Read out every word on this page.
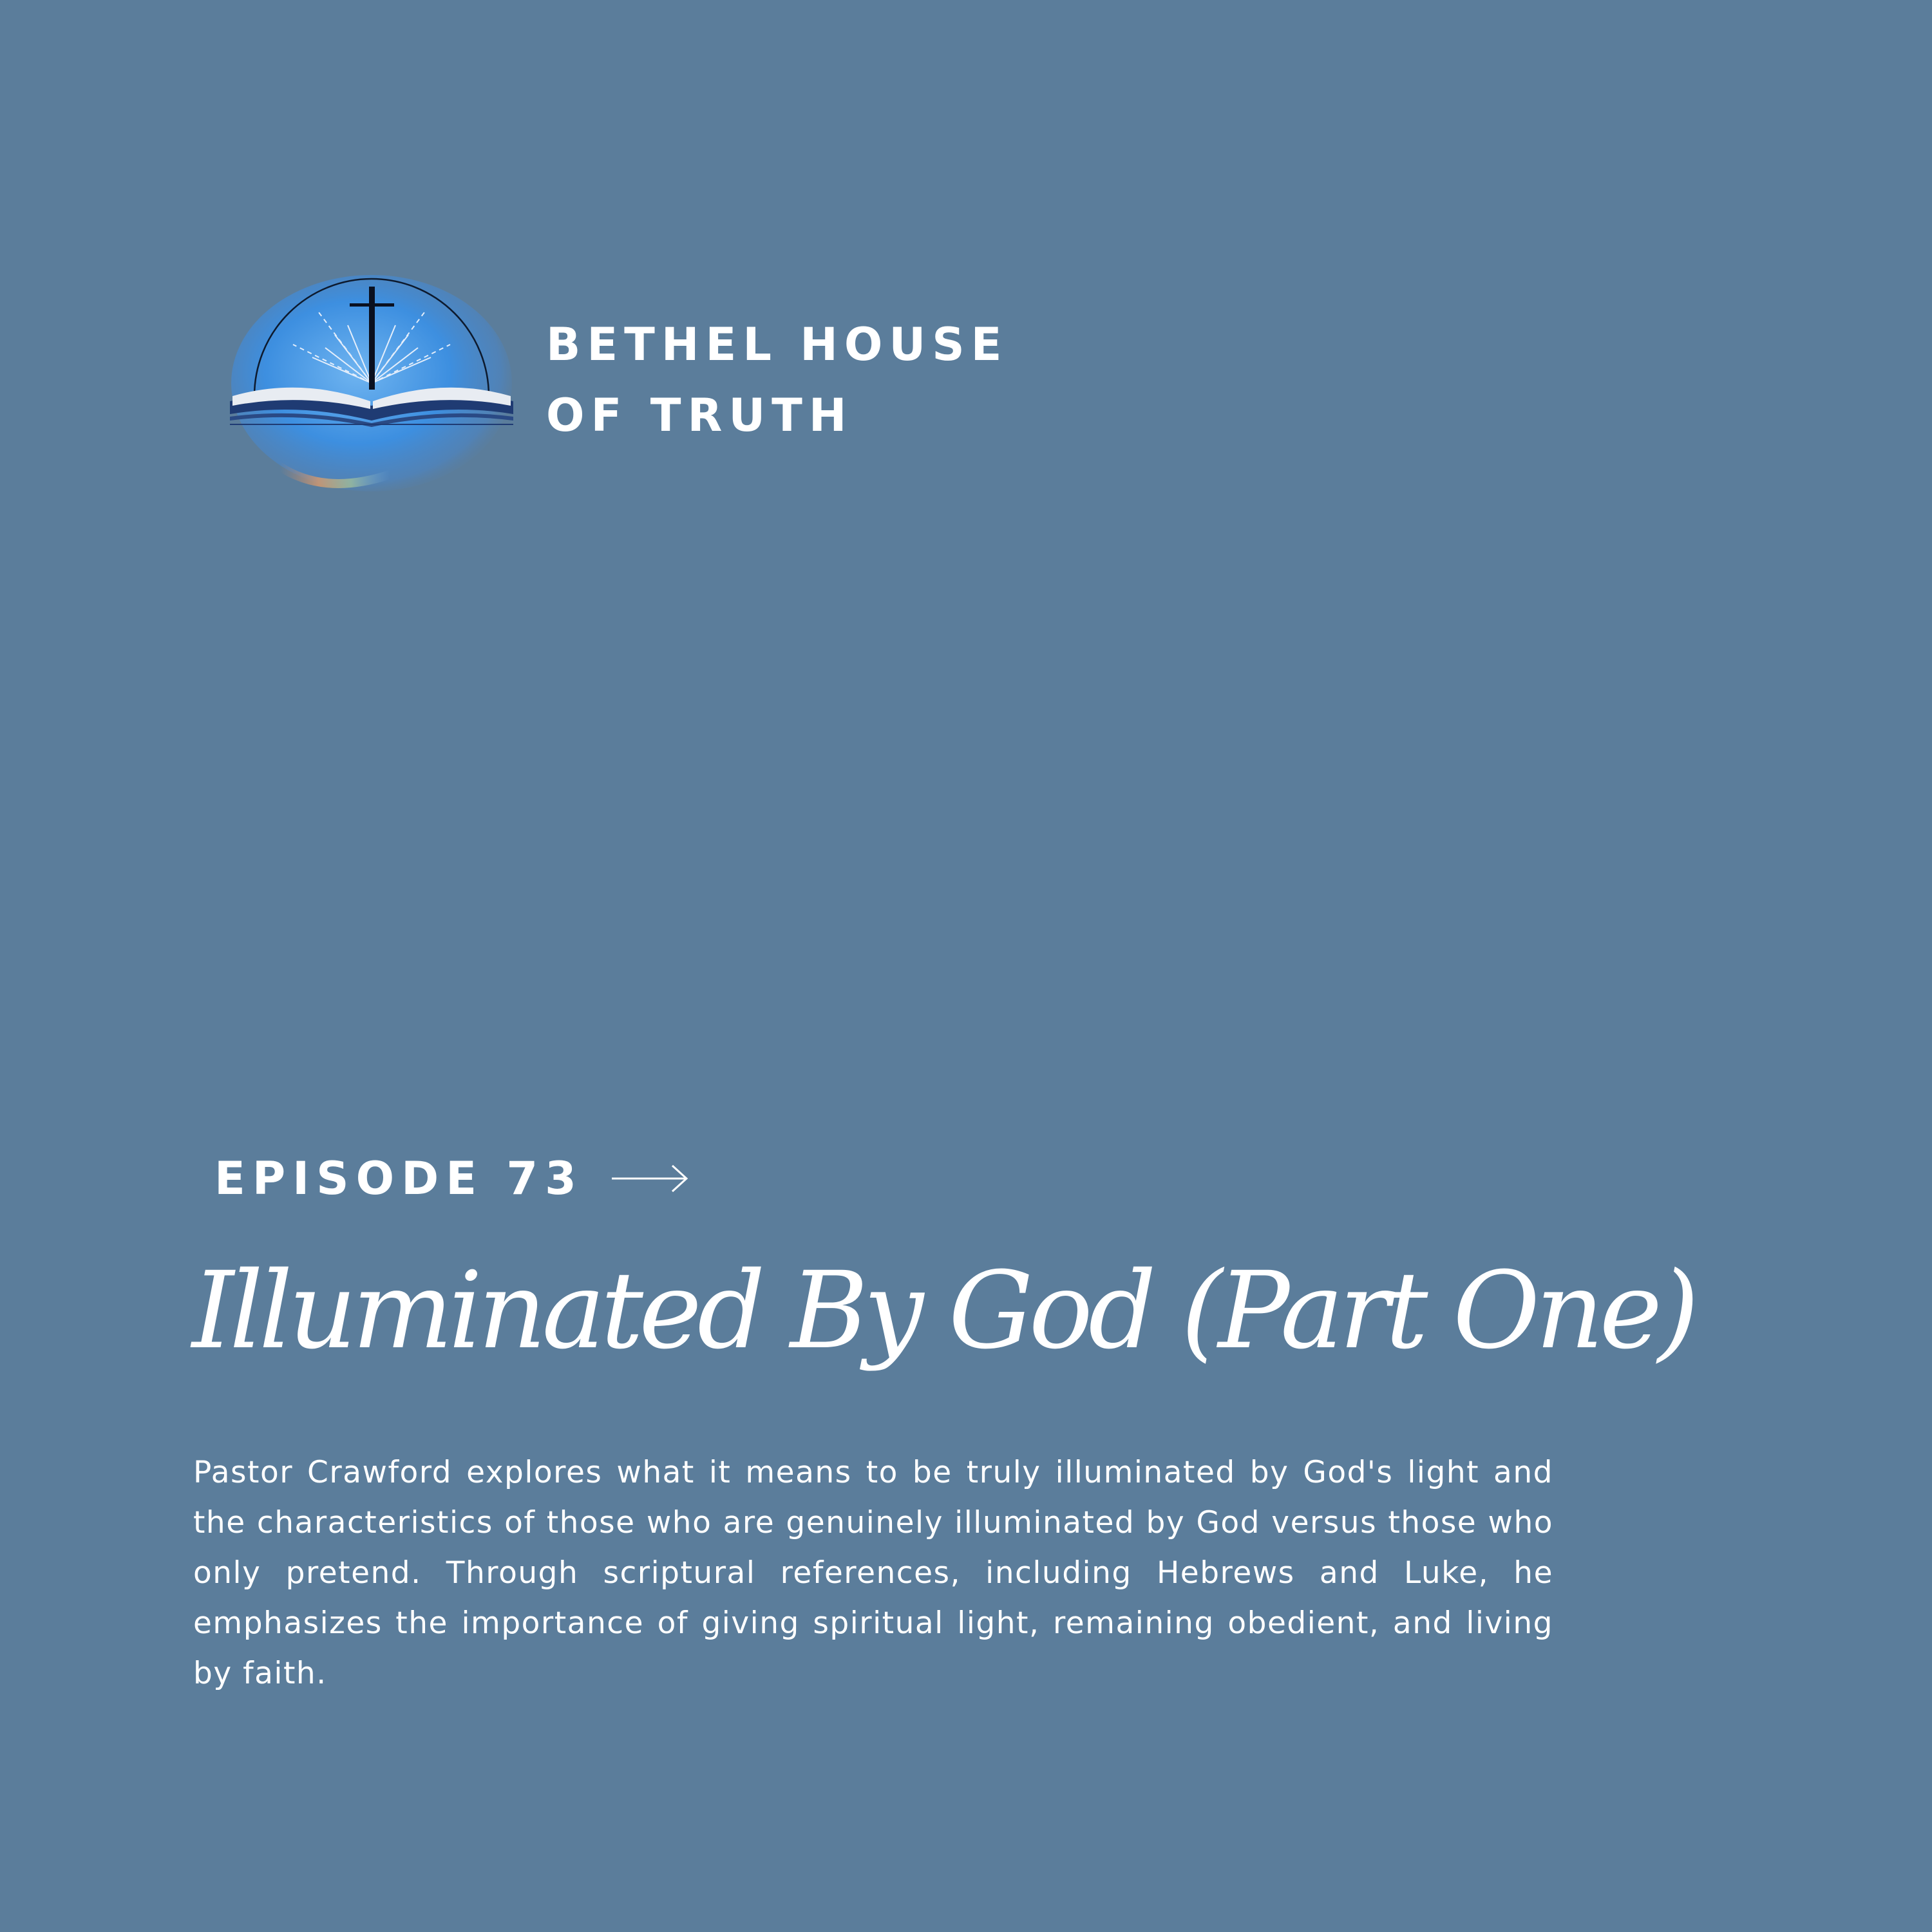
BETHEL HOUSE
OF TRUTH
EPISODE 73
Illuminated By God (Part One)
Pastor Crawford explores what it means to be truly illuminated by God's light and the characteristics of those who are genuinely illuminated by God versus those who only pretend. Through scriptural references, including Hebrews and Luke, he emphasizes the importance of giving spiritual light, remaining obedient, and living by faith.
